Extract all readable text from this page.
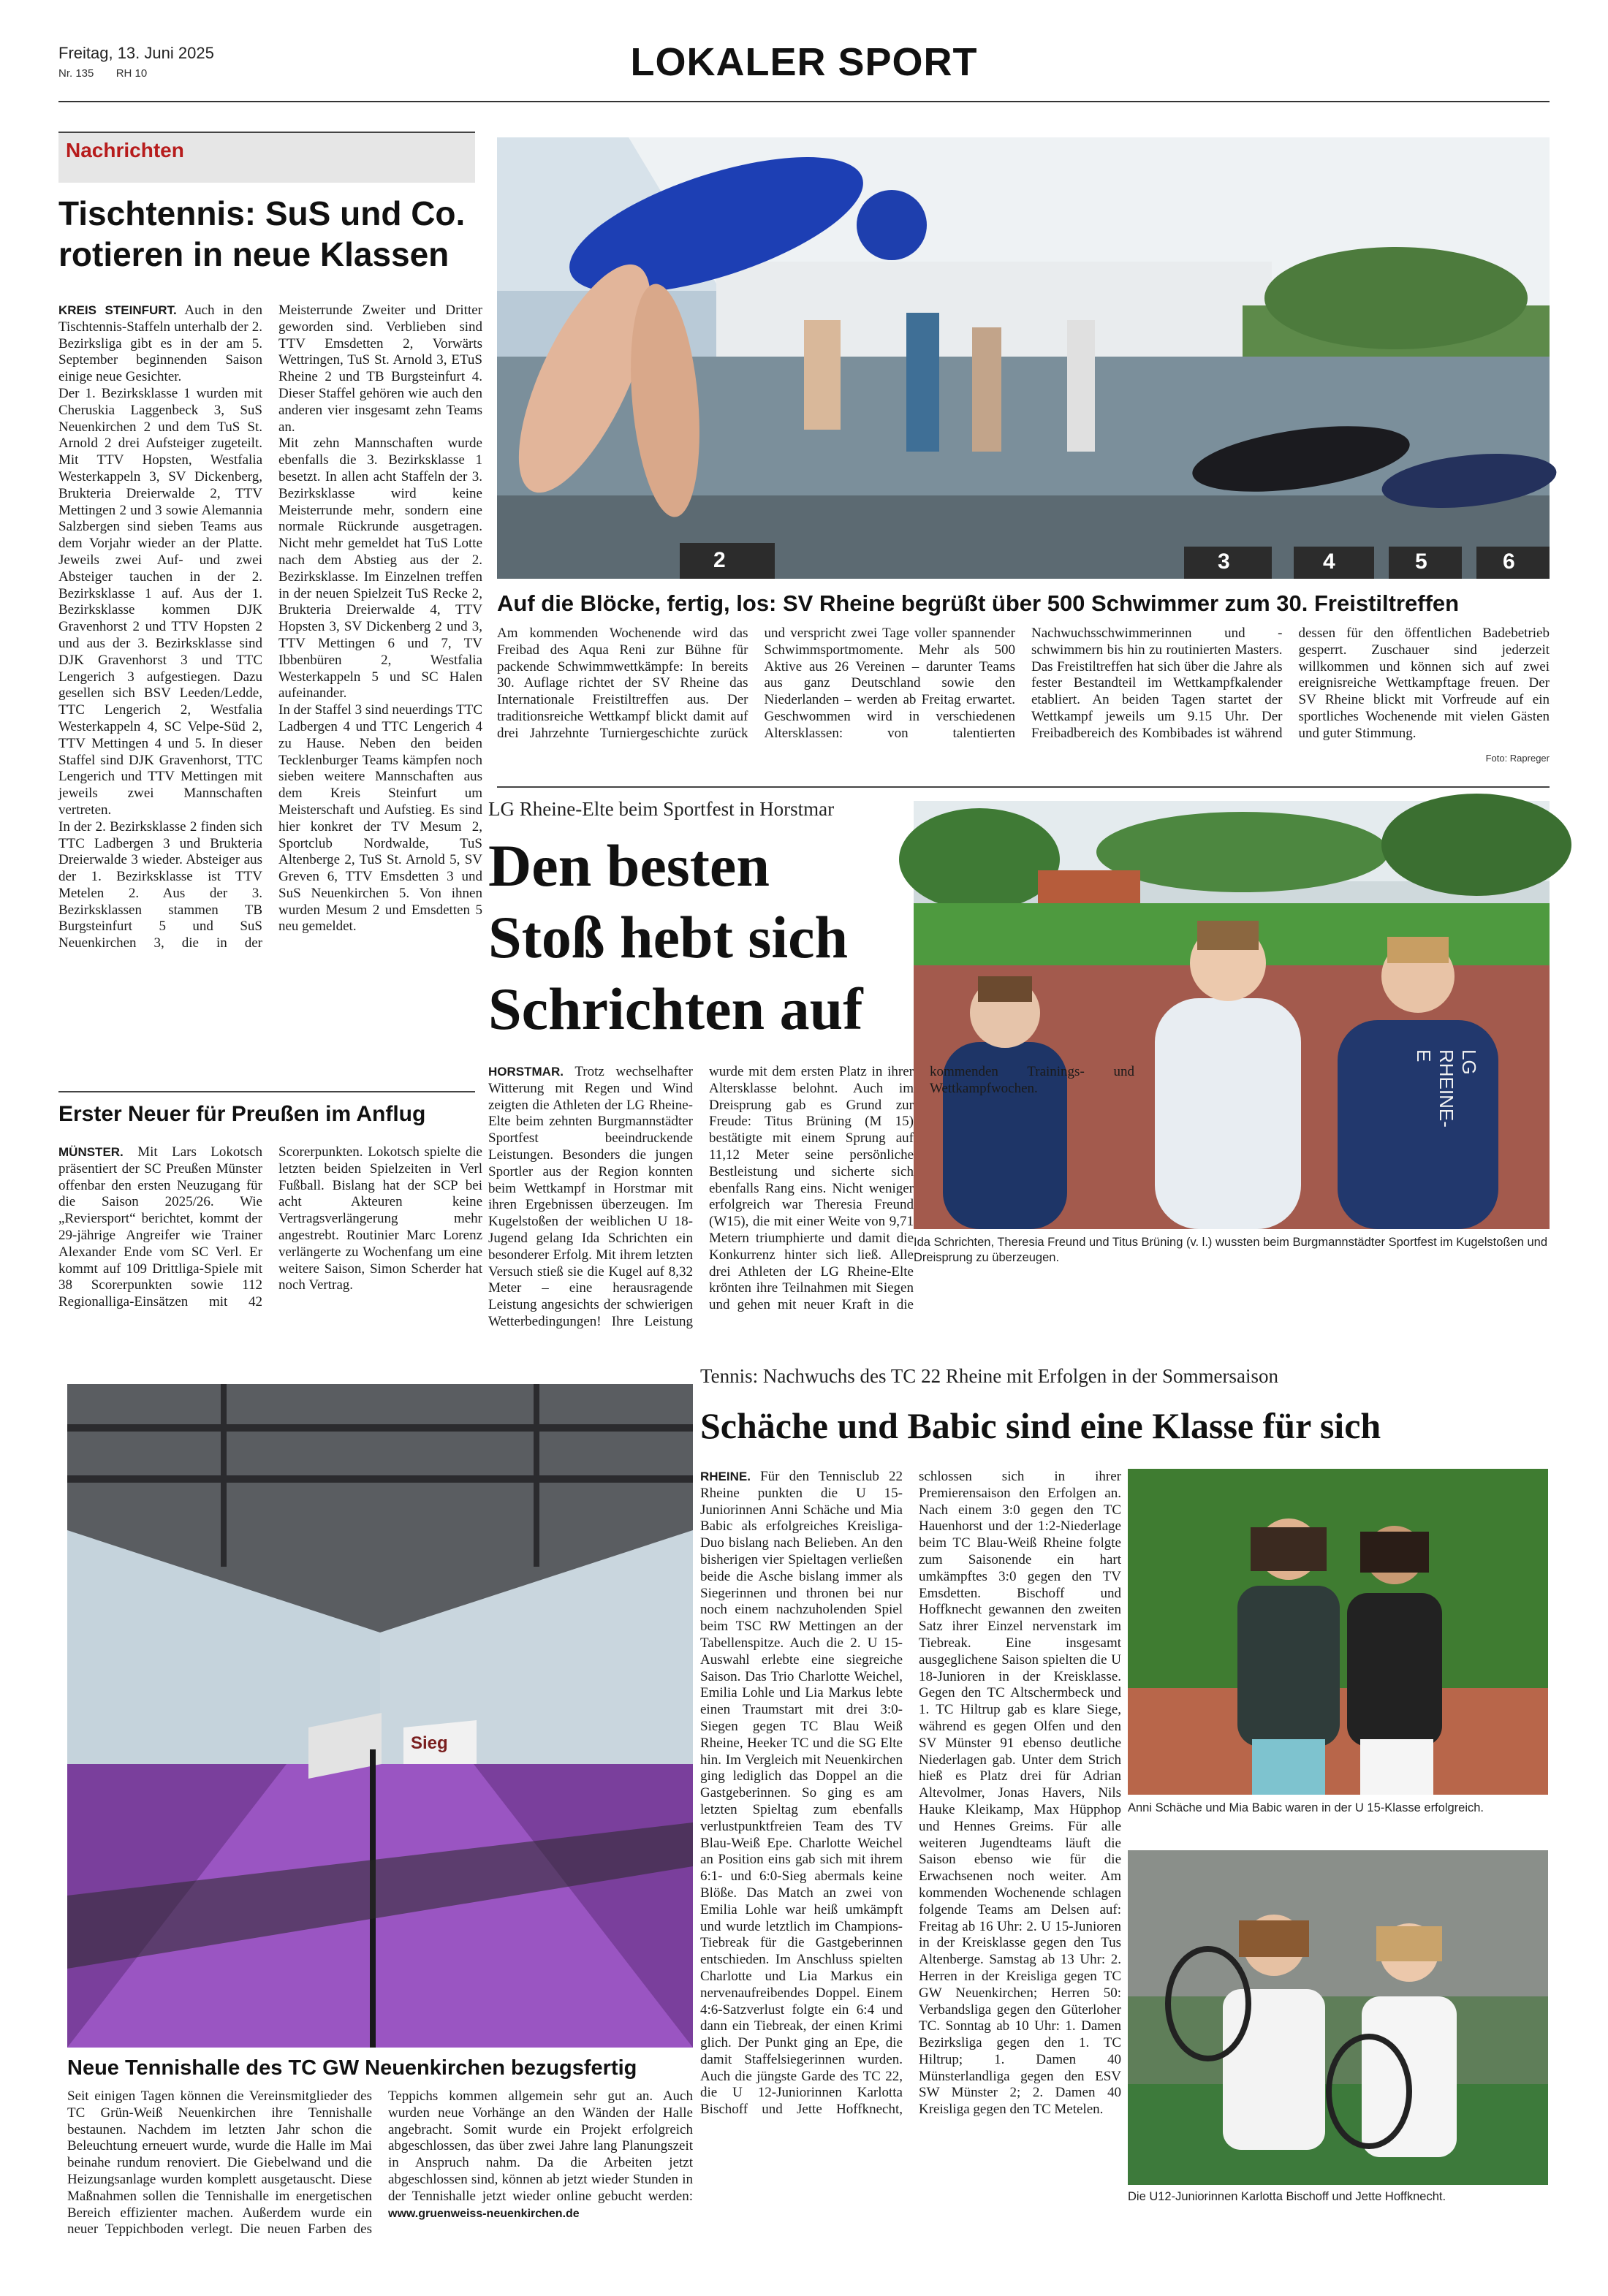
Freitag, 13. Juni 2025
Nr. 135 RH 10	LOKALER SPORT
Nachrichten
Tischtennis: SuS und Co.
rotieren in neue Klassen

KREIS STEINFURT. Auch in den Tischtennis-Staffeln unterhalb der 2. Bezirksliga gibt es in der am 5. September beginnenden Saison einige neue Gesichter.

Der 1. Bezirksklasse 1 wurden mit Cheruskia Laggenbeck 3, SuS Neuenkirchen 2 und dem TuS St. Arnold 2 drei Aufsteiger zugeteilt. Mit TTV Hopsten, Westfalia Westerkappeln 3, SV Dickenberg, Brukteria Dreierwalde 2, TTV Mettingen 2 und 3 sowie Alemannia Salzbergen sind sieben Teams aus dem Vorjahr wieder an der Platte. Jeweils zwei Auf- und zwei Absteiger tauchen in der 2. Bezirksklasse 1 auf. Aus der 1. Bezirksklasse kommen DJK Gravenhorst 2 und TTV Hopsten 2 und aus der 3. Bezirksklasse sind DJK Gravenhorst 3 und TTC Lengerich 3 aufgestiegen. Dazu gesellen sich BSV Leeden/Ledde, TTC Lengerich 2, Westfalia Westerkappeln 4, SC Velpe-Süd 2, TTV Mettingen 4 und 5. In dieser Staffel sind DJK Gravenhorst, TTC Lengerich und TTV Mettingen mit jeweils zwei Mannschaften vertreten.

In der 2. Bezirksklasse 2 finden sich TTC Ladbergen 3 und Brukteria Dreierwalde 3 wieder. Absteiger aus der 1. Bezirksklasse ist TTV Metelen 2. Aus der 3. Bezirksklassen stammen TB Burgsteinfurt 5 und SuS Neuenkirchen 3, die in der Meisterrunde Zweiter und Dritter geworden sind. Verblieben sind TTV Emsdetten 2, Vorwärts Wettringen, TuS St. Arnold 3, ETuS Rheine 2 und TB Burgsteinfurt 4. Dieser Staffel gehören wie auch den anderen vier insgesamt zehn Teams an.

Mit zehn Mannschaften wurde ebenfalls die 3. Bezirksklasse 1 besetzt. In allen acht Staffeln der 3. Bezirksklasse wird keine Meisterrunde mehr, sondern eine normale Rückrunde ausgetragen. Nicht mehr gemeldet hat TuS Lotte nach dem Abstieg aus der 2. Bezirksklasse. Im Einzelnen treffen in der neuen Spielzeit TuS Recke 2, Brukteria Dreierwalde 4, TTV Hopsten 3, SV Dickenberg 2 und 3, TTV Mettingen 6 und 7, TV Ibbenbüren 2, Westfalia Westerkappeln 5 und SC Halen aufeinander.

In der Staffel 3 sind neuerdings TTC Ladbergen 4 und TTC Lengerich 4 zu Hause. Neben den beiden Tecklenburger Teams kämpfen noch sieben weitere Mannschaften aus dem Kreis Steinfurt um Meisterschaft und Aufstieg. Es sind hier konkret der TV Mesum 2, Sportclub Nordwalde, TuS Altenberge 2, TuS St. Arnold 5, SV Greven 6, TTV Emsdetten 3 und SuS Neuenkirchen 5. Von ihnen wurden Mesum 2 und Emsdetten 5 neu gemeldet.

Erster Neuer für Preußen im Anflug

MÜNSTER. Mit Lars Lokotsch präsentiert der SC Preußen Münster offenbar den ersten Neuzugang für die Saison 2025/26. Wie „Reviersport“ berichtet, kommt der 29-jährige Angreifer wie Trainer Alexander Ende vom SC Verl. Er kommt auf 109 Drittliga-Spiele mit 38 Scorerpunkten sowie 112 Regionalliga-Einsätzen mit 42 Scorerpunkten. Lokotsch spielte die letzten beiden Spielzeiten in Verl Fußball. Bislang hat der SCP bei acht Akteuren keine Vertragsverlängerung mehr angestrebt. Routinier Marc Lorenz verlängerte zu Wochenfang um eine weitere Saison, Simon Scherder hat noch Vertrag.

2	3	4	5	6
Auf die Blöcke, fertig, los: SV Rheine begrüßt über 500 Schwimmer zum 30. Freistiltreffen

Am kommenden Wochenende wird das Freibad des Aqua Reni zur Bühne für packende Schwimmwettkämpfe: In bereits 30. Auflage richtet der SV Rheine das Internationale Freistiltreffen aus. Der traditionsreiche Wettkampf blickt damit auf drei Jahrzehnte Turniergeschichte zurück und verspricht zwei Tage voller spannender Schwimmsportmomente. Mehr als 500 Aktive aus 26 Vereinen – darunter Teams aus ganz Deutschland sowie den Niederlanden – werden ab Freitag erwartet. Geschwommen wird in verschiedenen Altersklassen: von talentierten Nachwuchsschwimmerinnen und -schwimmern bis hin zu routinierten Masters. Das Freistiltreffen hat sich über die Jahre als fester Bestandteil im Wettkampfkalender etabliert. An beiden Tagen startet der Wettkampf jeweils um 9.15 Uhr. Der Freibadbereich des Kombibades ist während dessen für den öffentlichen Badebetrieb gesperrt. Zuschauer sind jederzeit willkommen und können sich auf zwei ereignisreiche Wettkampftage freuen. Der SV Rheine blickt mit Vorfreude auf ein sportliches Wochenende mit vielen Gästen und guter Stimmung.

Foto: Rapreger
LG Rheine-Elte beim Sportfest in Horstmar
Den besten
Stoß hebt sich
Schrichten auf
LG RHEINE-E
Ida Schrichten, Theresia Freund und Titus Brüning (v. l.) wussten beim Burgmannstädter Sportfest im Kugelstoßen und Dreisprung zu überzeugen.

HORSTMAR. Trotz wechselhafter Witterung mit Regen und Wind zeigten die Athleten der LG Rheine-Elte beim zehnten Burgmannstädter Sportfest beeindruckende Leistungen. Besonders die jungen Sportler aus der Region konnten beim Wettkampf in Horstmar mit ihren Ergebnissen überzeugen. Im Kugelstoßen der weiblichen U 18-Jugend gelang Ida Schrichten ein besonderer Erfolg. Mit ihrem letzten Versuch stieß sie die Kugel auf 8,32 Meter – eine herausragende Leistung angesichts der schwierigen Wetterbedingungen! Ihre Leistung wurde mit dem ersten Platz in ihrer Altersklasse belohnt. Auch im Dreisprung gab es Grund zur Freude: Titus Brüning (M 15) bestätigte mit einem Sprung auf 11,12 Meter seine persönliche Bestleistung und sicherte sich ebenfalls Rang eins. Nicht weniger erfolgreich war Theresia Freund (W15), die mit einer Weite von 9,71 Metern triumphierte und damit die Konkurrenz hinter sich ließ. Alle drei Athleten der LG Rheine-Elte krönten ihre Teilnahmen mit Siegen und gehen mit neuer Kraft in die kommenden Trainings- und Wettkampfwochen.

Sieg
Neue Tennishalle des TC GW Neuenkirchen bezugsfertig

Seit einigen Tagen können die Vereinsmitglieder des TC Grün-Weiß Neuenkirchen ihre Tennishalle bestaunen. Nachdem im letzten Jahr schon die Beleuchtung erneuert wurde, wurde die Halle im Mai beinahe rundum renoviert. Die Giebelwand und die Heizungsanlage wurden komplett ausgetauscht. Diese Maßnahmen sollen die Tennishalle im energetischen Bereich effizienter machen. Außerdem wurde ein neuer Teppichboden verlegt. Die neuen Farben des Teppichs kommen allgemein sehr gut an. Auch wurden neue Vorhänge an den Wänden der Halle angebracht. Somit wurde ein Projekt erfolgreich abgeschlossen, das über zwei Jahre lang Planungszeit in Anspruch nahm. Da die Arbeiten jetzt abgeschlossen sind, können ab jetzt wieder Stunden in der Tennishalle jetzt wieder online gebucht werden: www.gruenweiss-neuenkirchen.de

Tennis: Nachwuchs des TC 22 Rheine mit Erfolgen in der Sommersaison
Schäche und Babic sind eine Klasse für sich

RHEINE. Für den Tennisclub 22 Rheine punkten die U 15-Juniorinnen Anni Schäche und Mia Babic als erfolgreiches Kreisliga-Duo bislang nach Belieben. An den bisherigen vier Spieltagen verließen beide die Asche bislang immer als Siegerinnen und thronen bei nur noch einem nachzuholenden Spiel beim TSC RW Mettingen an der Tabellenspitze. Auch die 2. U 15-Auswahl erlebte eine siegreiche Saison. Das Trio Charlotte Weichel, Emilia Lohle und Lia Markus lebte einen Traumstart mit drei 3:0-Siegen gegen TC Blau Weiß Rheine, Heeker TC und die SG Elte hin. Im Vergleich mit Neuenkirchen ging lediglich das Doppel an die Gastgeberinnen. So ging es am letzten Spieltag zum ebenfalls verlustpunktfreien Team des TV Blau-Weiß Epe. Charlotte Weichel an Position eins gab sich mit ihrem 6:1- und 6:0-Sieg abermals keine Blöße. Das Match an zwei von Emilia Lohle war heiß umkämpft und wurde letztlich im Champions-Tiebreak für die Gastgeberinnen entschieden. Im Anschluss spielten Charlotte und Lia Markus ein nervenaufreibendes Doppel. Einem 4:6-Satzverlust folgte ein 6:4 und dann ein Tiebreak, der einen Krimi glich. Der Punkt ging an Epe, die damit Staffelsiegerinnen wurden. Auch die jüngste Garde des TC 22, die U 12-Juniorinnen Karlotta Bischoff und Jette Hoffknecht, schlossen sich in ihrer Premierensaison den Erfolgen an. Nach einem 3:0 gegen den TC Hauenhorst und der 1:2-Niederlage beim TC Blau-Weiß Rheine folgte zum Saisonende ein hart umkämpftes 3:0 gegen den TV Emsdetten. Bischoff und Hoffknecht gewannen den zweiten Satz ihrer Einzel nervenstark im Tiebreak. Eine insgesamt ausgeglichene Saison spielten die U 18-Junioren in der Kreisklasse. Gegen den TC Altschermbeck und 1. TC Hiltrup gab es klare Siege, während es gegen Olfen und den SV Münster 91 ebenso deutliche Niederlagen gab. Unter dem Strich hieß es Platz drei für Adrian Altevolmer, Jonas Havers, Nils Hauke Kleikamp, Max Hüpphop und Hennes Greims. Für alle weiteren Jugendteams läuft die Saison ebenso wie für die Erwachsenen noch weiter. Am kommenden Wochenende schlagen folgende Teams am Delsen auf: Freitag ab 16 Uhr: 2. U 15-Junioren in der Kreisklasse gegen den Tus Altenberge. Samstag ab 13 Uhr: 2. Herren in der Kreisliga gegen TC GW Neuenkirchen; Herren 50: Verbandsliga gegen den Güterloher TC. Sonntag ab 10 Uhr: 1. Damen Bezirksliga gegen den 1. TC Hiltrup; 1. Damen 40 Münsterlandliga gegen den ESV SW Münster 2; 2. Damen 40 Kreisliga gegen den TC Metelen.

Anni Schäche und Mia Babic waren in der U 15-Klasse erfolgreich.
Die U12-Juniorinnen Karlotta Bischoff und Jette Hoffknecht.
